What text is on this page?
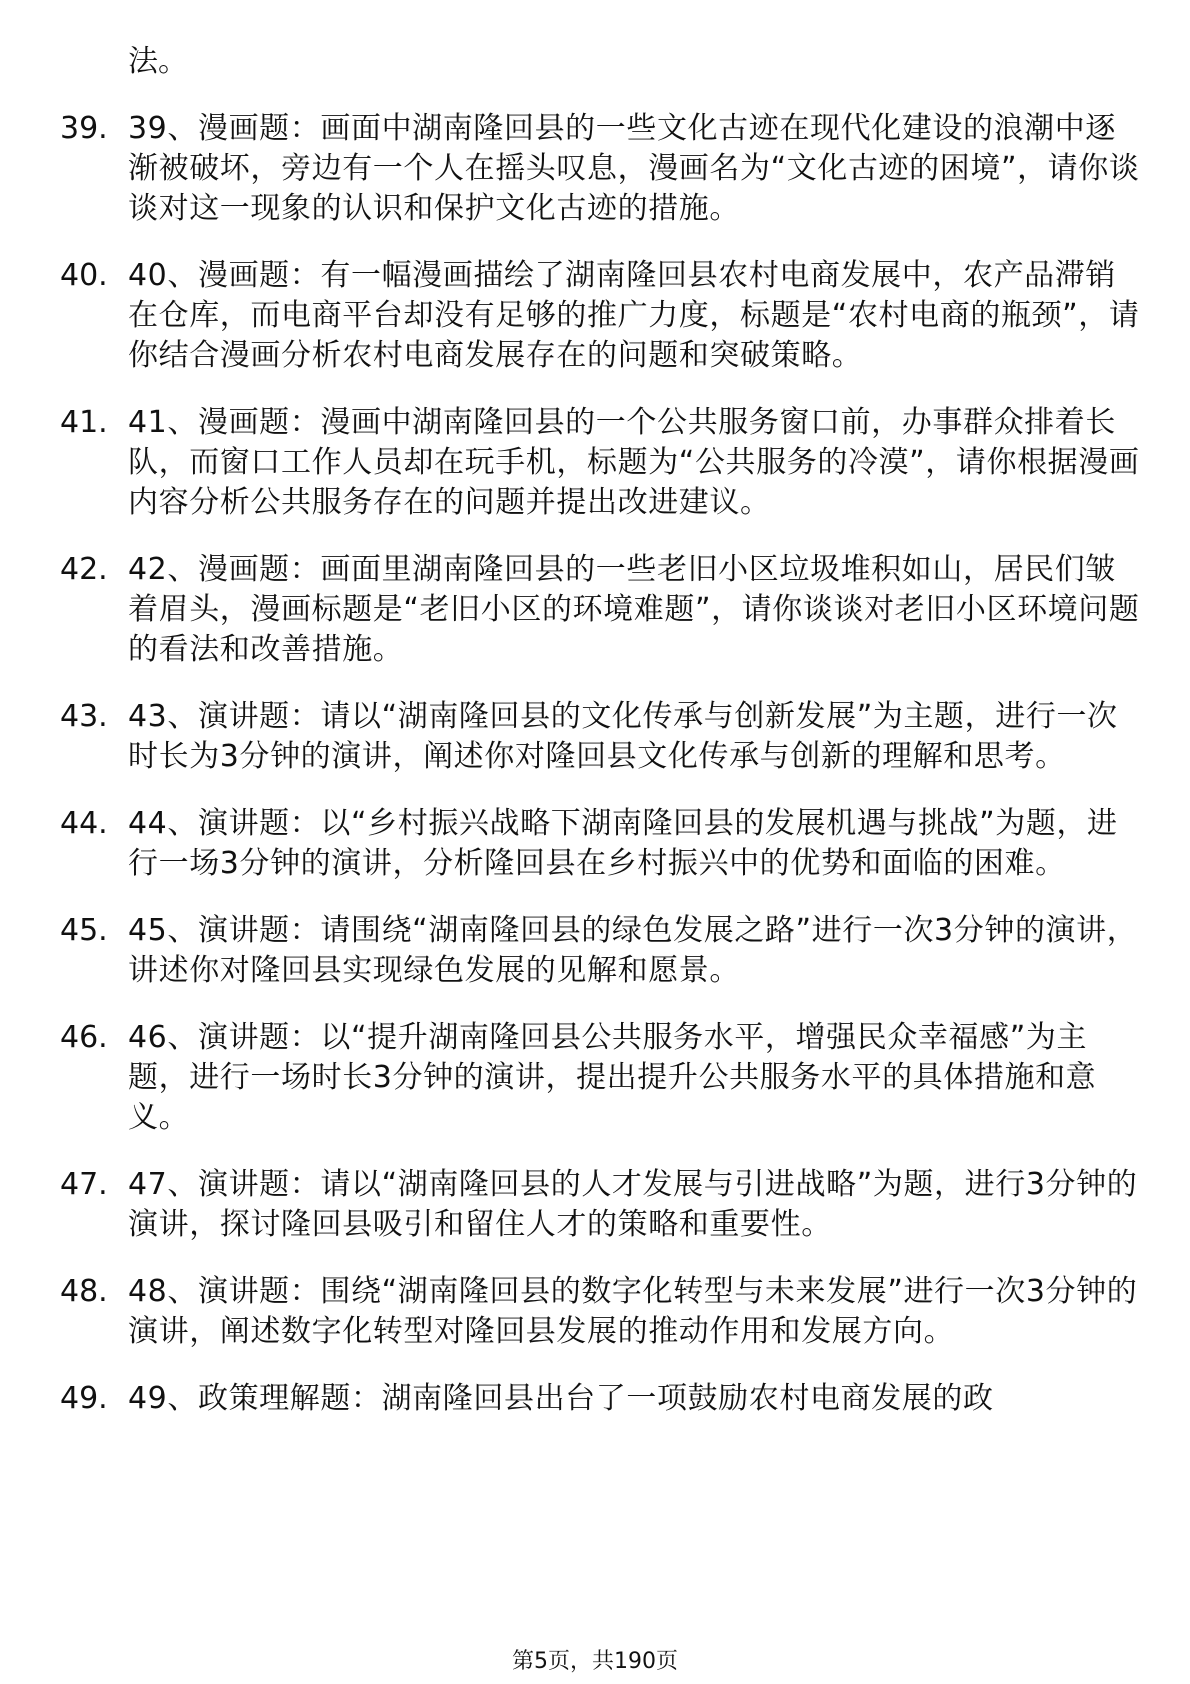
法。
39. 39、漫画题：画面中湖南隆回县的一些文化古迹在现代化建设的浪潮中逐渐被破坏，旁边有一个人在摇头叹息，漫画名为“文化古迹的困境”，请你谈谈对这一现象的认识和保护文化古迹的措施。
40. 40、漫画题：有一幅漫画描绘了湖南隆回县农村电商发展中，农产品滞销在仓库，而电商平台却没有足够的推广力度，标题是“农村电商的瓶颈”，请你结合漫画分析农村电商发展存在的问题和突破策略。
41. 41、漫画题：漫画中湖南隆回县的一个公共服务窗口前，办事群众排着长队，而窗口工作人员却在玩手机，标题为“公共服务的冷漠”，请你根据漫画内容分析公共服务存在的问题并提出改进建议。
42. 42、漫画题：画面里湖南隆回县的一些老旧小区垃圾堆积如山，居民们皱着眉头，漫画标题是“老旧小区的环境难题”，请你谈谈对老旧小区环境问题的看法和改善措施。
43. 43、演讲题：请以“湖南隆回县的文化传承与创新发展”为主题，进行一次时长为3分钟的演讲，阐述你对隆回县文化传承与创新的理解和思考。
44. 44、演讲题：以“乡村振兴战略下湖南隆回县的发展机遇与挑战”为题，进行一场3分钟的演讲，分析隆回县在乡村振兴中的优势和面临的困难。
45. 45、演讲题：请围绕“湖南隆回县的绿色发展之路”进行一次3分钟的演讲，讲述你对隆回县实现绿色发展的见解和愿景。
46. 46、演讲题：以“提升湖南隆回县公共服务水平，增强民众幸福感”为主题，进行一场时长3分钟的演讲，提出提升公共服务水平的具体措施和意义。
47. 47、演讲题：请以“湖南隆回县的人才发展与引进战略”为题，进行3分钟的演讲，探讨隆回县吸引和留住人才的策略和重要性。
48. 48、演讲题：围绕“湖南隆回县的数字化转型与未来发展”进行一次3分钟的演讲，阐述数字化转型对隆回县发展的推动作用和发展方向。
49. 49、政策理解题：湖南隆回县出台了一项鼓励农村电商发展的政
第5页，共190页
